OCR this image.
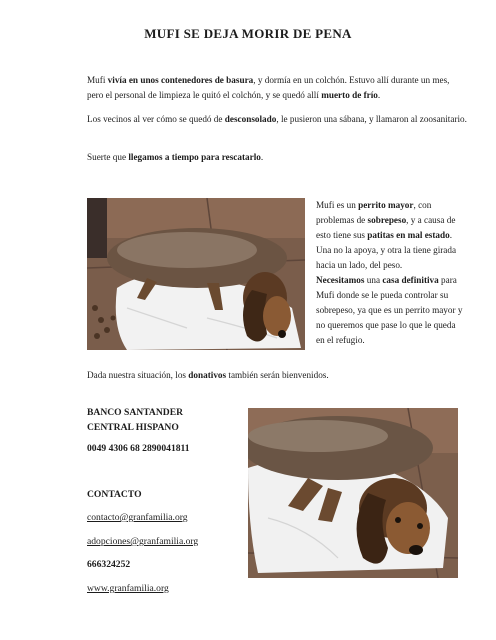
MUFI SE DEJA MORIR DE PENA
Mufi vivía en unos contenedores de basura, y dormía en un colchón. Estuvo allí durante un mes, pero el personal de limpieza le quitó el colchón, y se quedó allí muerto de frío.
Los vecinos al ver cómo se quedó de desconsolado, le pusieron una sábana, y llamaron al zoosanitario.
Suerte que llegamos a tiempo para rescatarlo.
Mufi es un perrito mayor, con problemas de sobrepeso, y a causa de esto tiene sus patitas en mal estado. Una no la apoya, y otra la tiene girada hacia un lado, del peso.
Necesitamos una casa definitiva para Mufi donde se le pueda controlar su sobrepeso, ya que es un perrito mayor y no queremos que pase lo que le queda en el refugio.
Dada nuestra situación, los donativos también serán bienvenidos.
BANCO SANTANDER
CENTRAL HISPANO
0049 4306 68 2890041811
CONTACTO
contacto@granfamilia.org
adopciones@granfamilia.org
666324252
www.granfamilia.org
